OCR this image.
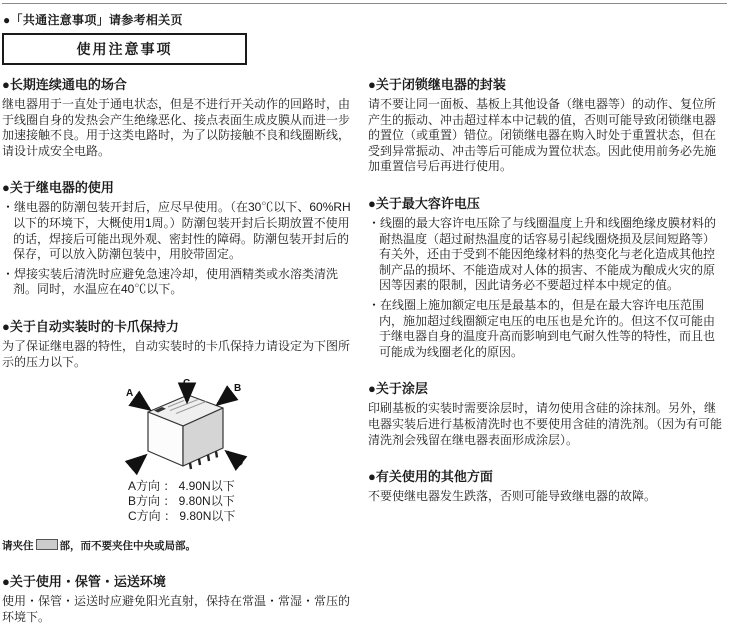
●「共通注意事项」请参考相关页
使用注意事项
●长期连续通电的场合

继电器用于一直处于通电状态，但是不进行开关动作的回路时，由于线圈自身的发热会产生绝缘恶化、接点表面生成皮膜从而进一步加速接触不良。用于这类电路时，为了以防接触不良和线圈断线，请设计成安全电路。

●关于继电器的使用

・继电器的防潮包装开封后，应尽早使用。（在30℃以下、60%RH以下的环境下，大概使用1周。）防潮包装开封后长期放置不使用的话，焊接后可能出现外观、密封性的障碍。防潮包装开封后的保存，可以放入防潮包装中，用胶带固定。

・焊接实装后清洗时应避免急速冷却，使用酒精类或水溶类清洗剂。同时，水温应在40℃以下。

●关于自动实装时的卡爪保持力

为了保证继电器的特性，自动实装时的卡爪保持力请设定为下图所示的压力以下。

A
C	B
A方向 ： 4.90N以下
B方向 ： 9.80N以下
C方向 ： 9.80N以下
请夹住 部，而不要夹住中央或局部。
●关于使用・保管・运送环境

使用・保管・运送时应避免阳光直射，保持在常温・常湿・常压的环境下。

●关于闭锁继电器的封装

请不要让同一面板、基板上其他设备（继电器等）的动作、复位所产生的振动、冲击超过样本中记载的值，否则可能导致闭锁继电器的置位（或重置）错位。闭锁继电器在购入时处于重置状态，但在受到异常振动、冲击等后可能成为置位状态。因此使用前务必先施加重置信号后再进行使用。

●关于最大容许电压

・线圈的最大容许电压除了与线圈温度上升和线圈绝缘皮膜材料的耐热温度（超过耐热温度的话容易引起线圈烧损及层间短路等）有关外，还由于受到不能因绝缘材料的热变化与老化造成其他控制产品的损坏、不能造成对人体的损害、不能成为酿成火灾的原因等因素的限制，因此请务必不要超过样本中规定的值。

・在线圈上施加额定电压是最基本的，但是在最大容许电压范围内，施加超过线圈额定电压的电压也是允许的。但这不仅可能由于继电器自身的温度升高而影响到电气耐久性等的特性，而且也可能成为线圈老化的原因。

●关于涂层

印刷基板的实装时需要涂层时，请勿使用含硅的涂抹剂。另外，继电器实装后进行基板清洗时也不要使用含硅的清洗剂。（因为有可能清洗剂会残留在继电器表面形成涂层）。

●有关使用的其他方面

不要使继电器发生跌落，否则可能导致继电器的故障。
